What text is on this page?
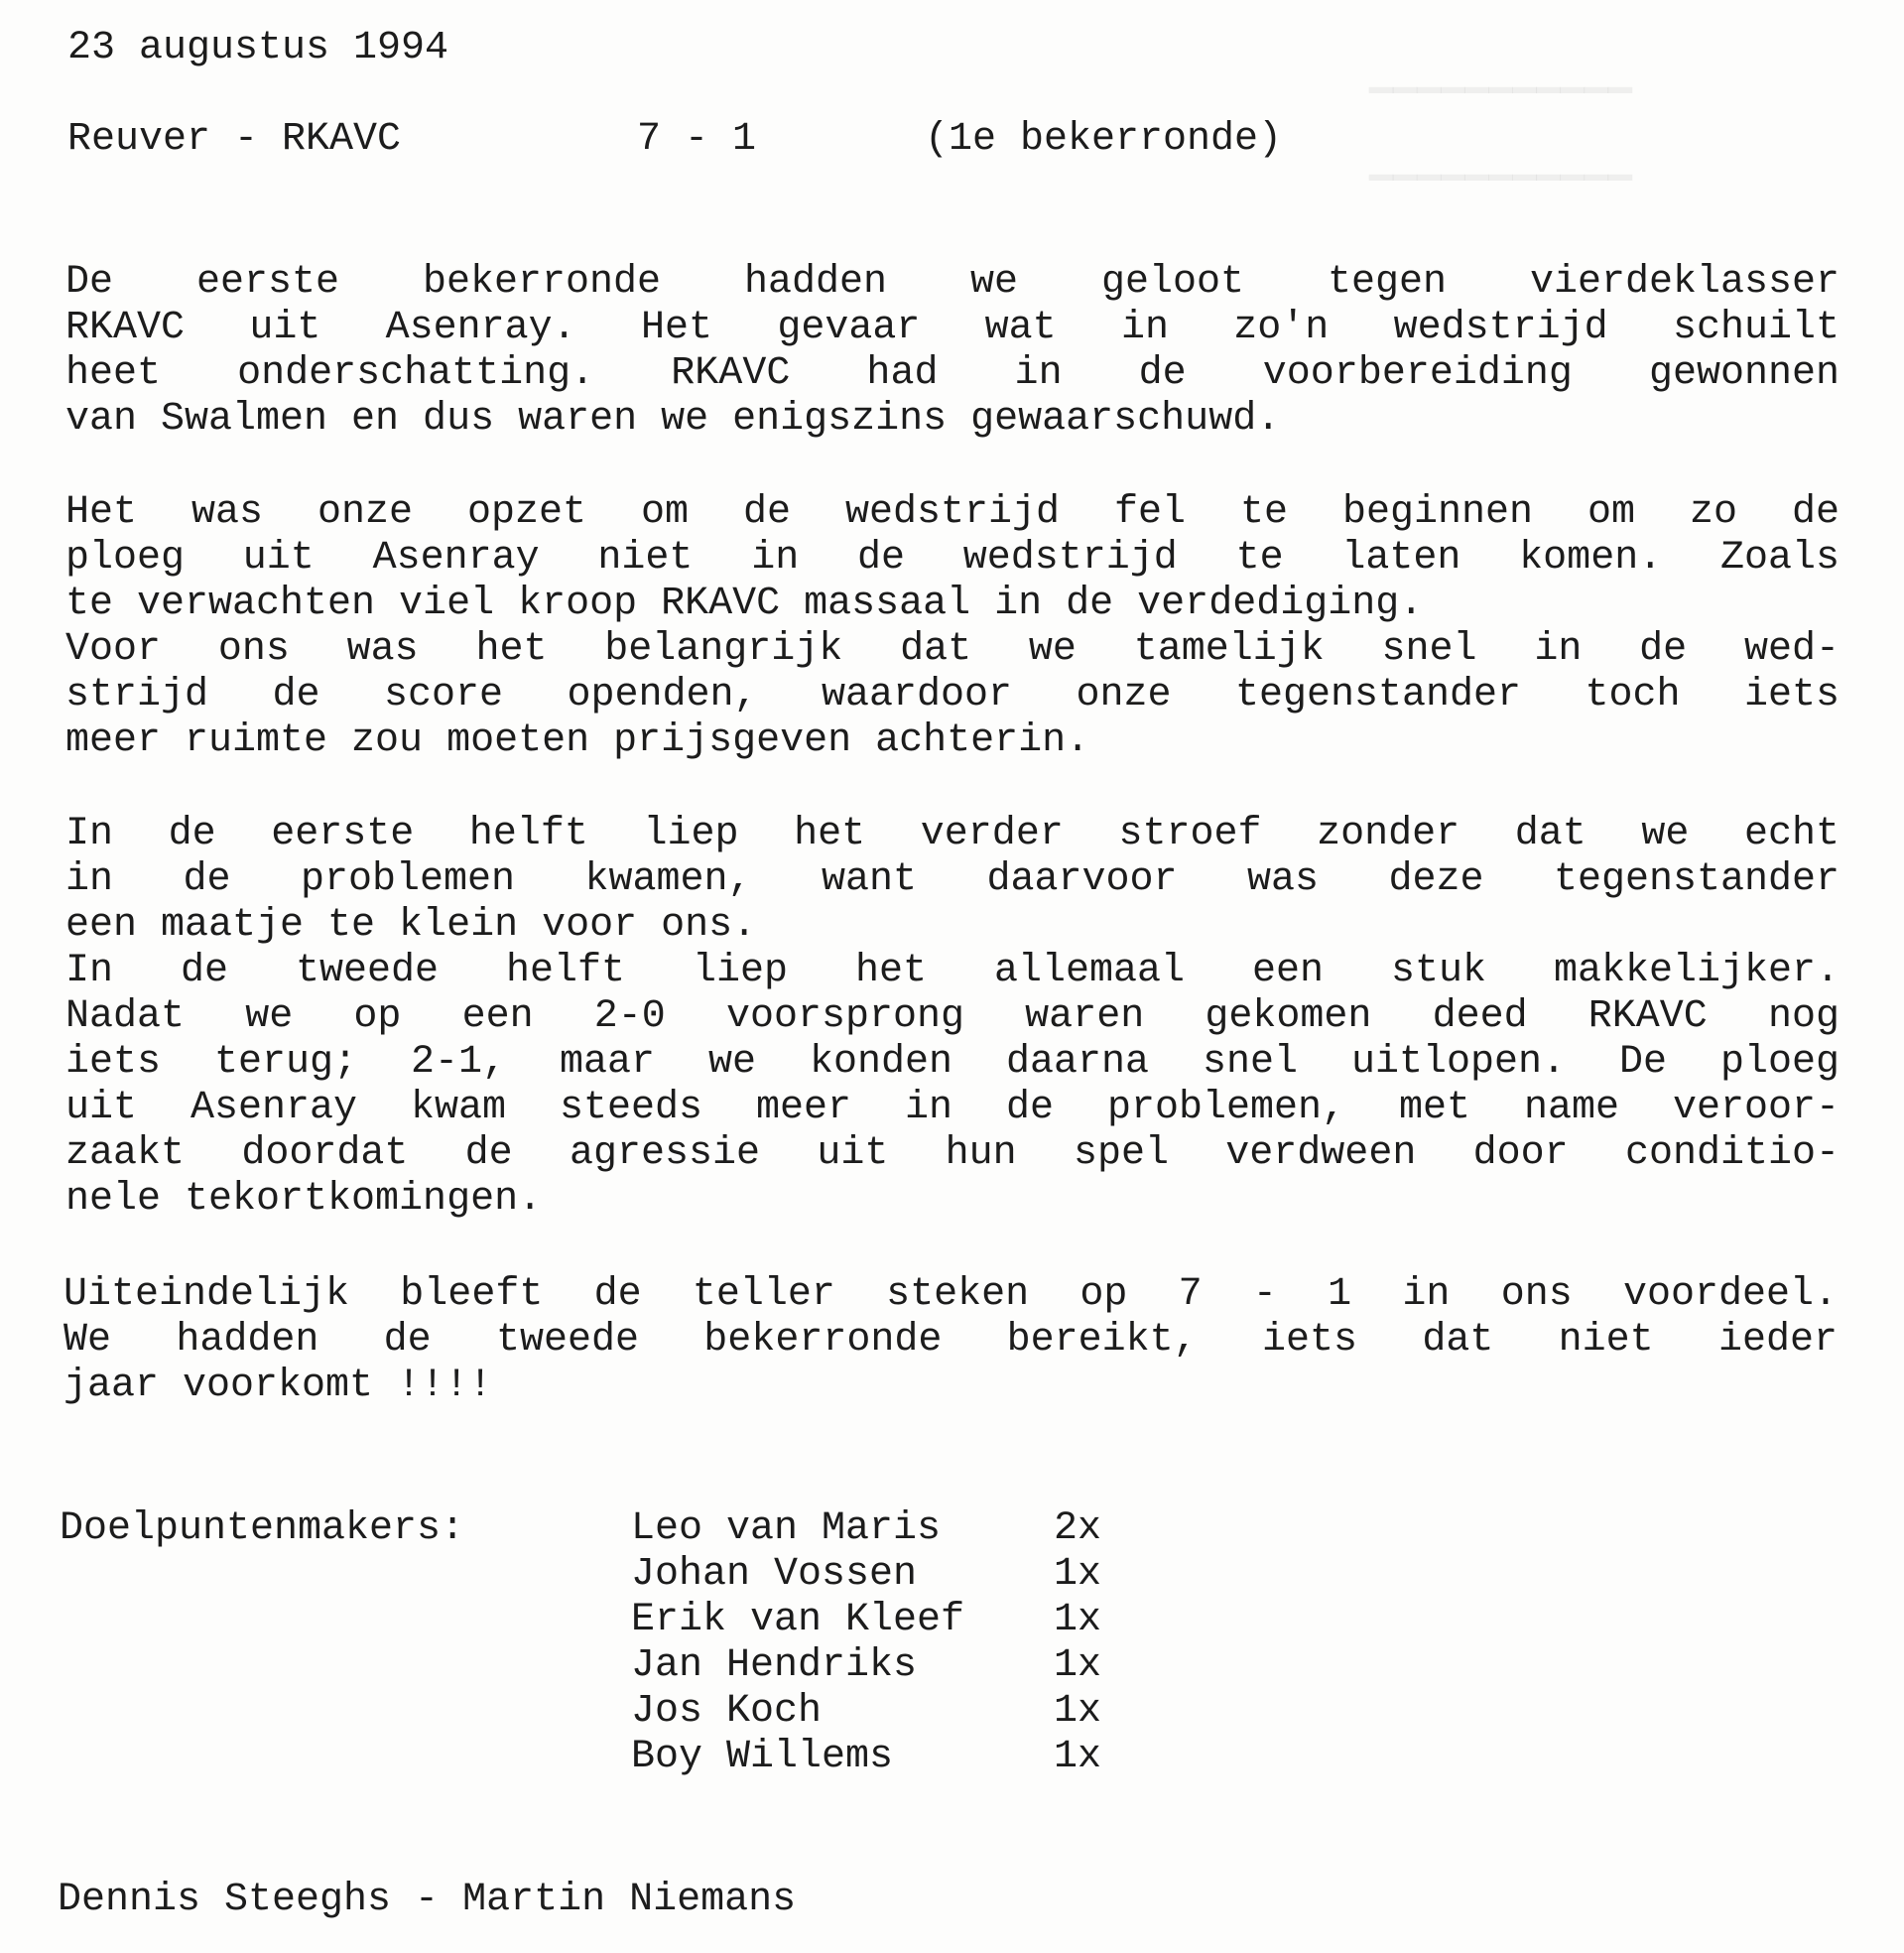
▁▁▁▁▁▁▁▁▁▁▁
▁▁▁▁▁▁▁▁▁▁▁
23 augustus 1994
Reuver - RKAVC	7 - 1	(1e bekerronde)
De eerste bekerronde hadden we geloot tegen vierdeklasser
RKAVC uit Asenray. Het gevaar wat in zo'n wedstrijd schuilt
heet onderschatting. RKAVC had in de voorbereiding gewonnen
van Swalmen en dus waren we enigszins gewaarschuwd.
Het was onze opzet om de wedstrijd fel te beginnen om zo de
ploeg uit Asenray niet in de wedstrijd te laten komen. Zoals
te verwachten viel kroop RKAVC massaal in de verdediging.
Voor ons was het belangrijk dat we tamelijk snel in de wed-
strijd de score openden, waardoor onze tegenstander toch iets
meer ruimte zou moeten prijsgeven achterin.
In de eerste helft liep het verder stroef zonder dat we echt
in de problemen kwamen, want daarvoor was deze tegenstander
een maatje te klein voor ons.
In de tweede helft liep het allemaal een stuk makkelijker.
Nadat we op een 2-0 voorsprong waren gekomen deed RKAVC nog
iets terug; 2-1, maar we konden daarna snel uitlopen. De ploeg
uit Asenray kwam steeds meer in de problemen, met name veroor-
zaakt doordat de agressie uit hun spel verdween door conditio-
nele tekortkomingen.
Uiteindelijk bleeft de teller steken op 7 - 1 in ons voordeel.
We hadden de tweede bekerronde bereikt, iets dat niet ieder
jaar voorkomt !!!!
Doelpuntenmakers:	Leo van Maris	2x
Johan Vossen	1x
Erik van Kleef 1x
Jan Hendriks	1x
Jos Koch	1x
Boy Willems	1x
Dennis Steeghs - Martin Niemans
